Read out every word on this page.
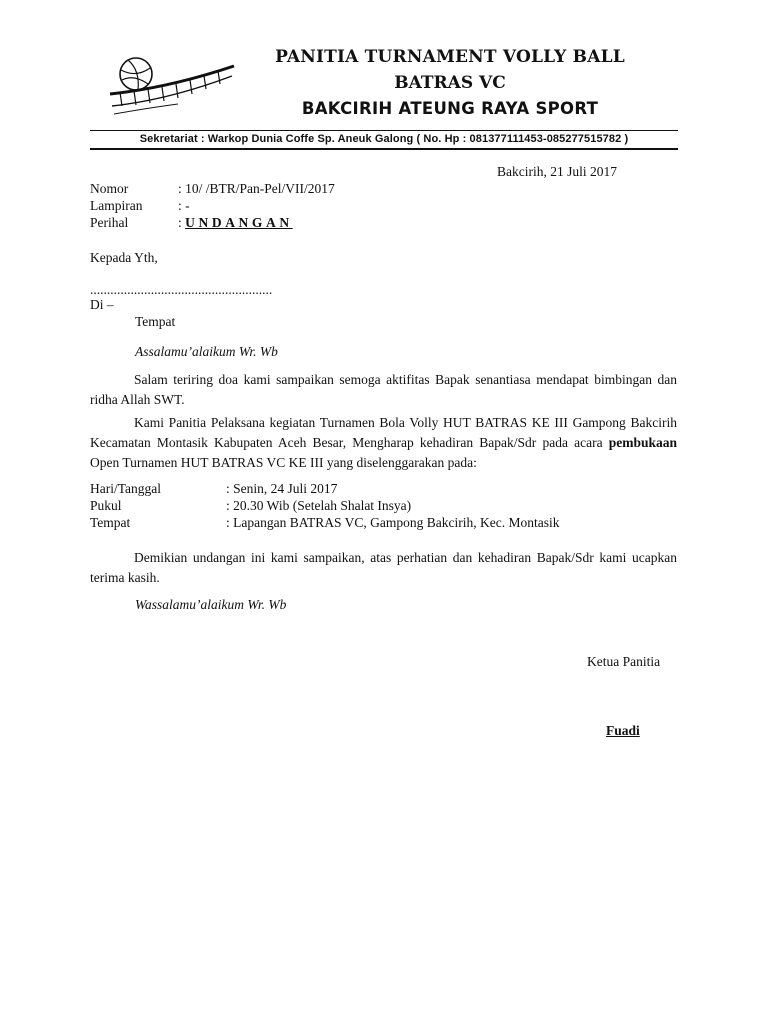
PANITIA TURNAMENT VOLLY BALL
BATRAS VC
BAKCIRIH ATEUNG RAYA SPORT
Sekretariat : Warkop Dunia Coffe Sp. Aneuk Galong ( No. Hp : 081377111453-085277515782 )
Bakcirih, 21 Juli 2017
Nomor	: 10/ /BTR/Pan-Pel/VII/2017
Lampiran	: -
Perihal	: UNDANGAN
Kepada Yth,
......................................................
Di –
Tempat
Assalamu’alaikum Wr. Wb
Salam teriring doa kami sampaikan semoga aktifitas Bapak senantiasa mendapat bimbingan dan ridha Allah SWT.
Kami Panitia Pelaksana kegiatan Turnamen Bola Volly HUT BATRAS KE III Gampong Bakcirih Kecamatan Montasik Kabupaten Aceh Besar, Mengharap kehadiran Bapak/Sdr pada acara pembukaan Open Turnamen HUT BATRAS VC KE III yang diselenggarakan pada:
Hari/Tanggal	: Senin, 24 Juli 2017
Pukul	: 20.30 Wib (Setelah Shalat Insya)
Tempat	: Lapangan BATRAS VC, Gampong Bakcirih, Kec. Montasik
Demikian undangan ini kami sampaikan, atas perhatian dan kehadiran Bapak/Sdr kami ucapkan terima kasih.
Wassalamu’alaikum Wr. Wb
Ketua Panitia
Fuadi
